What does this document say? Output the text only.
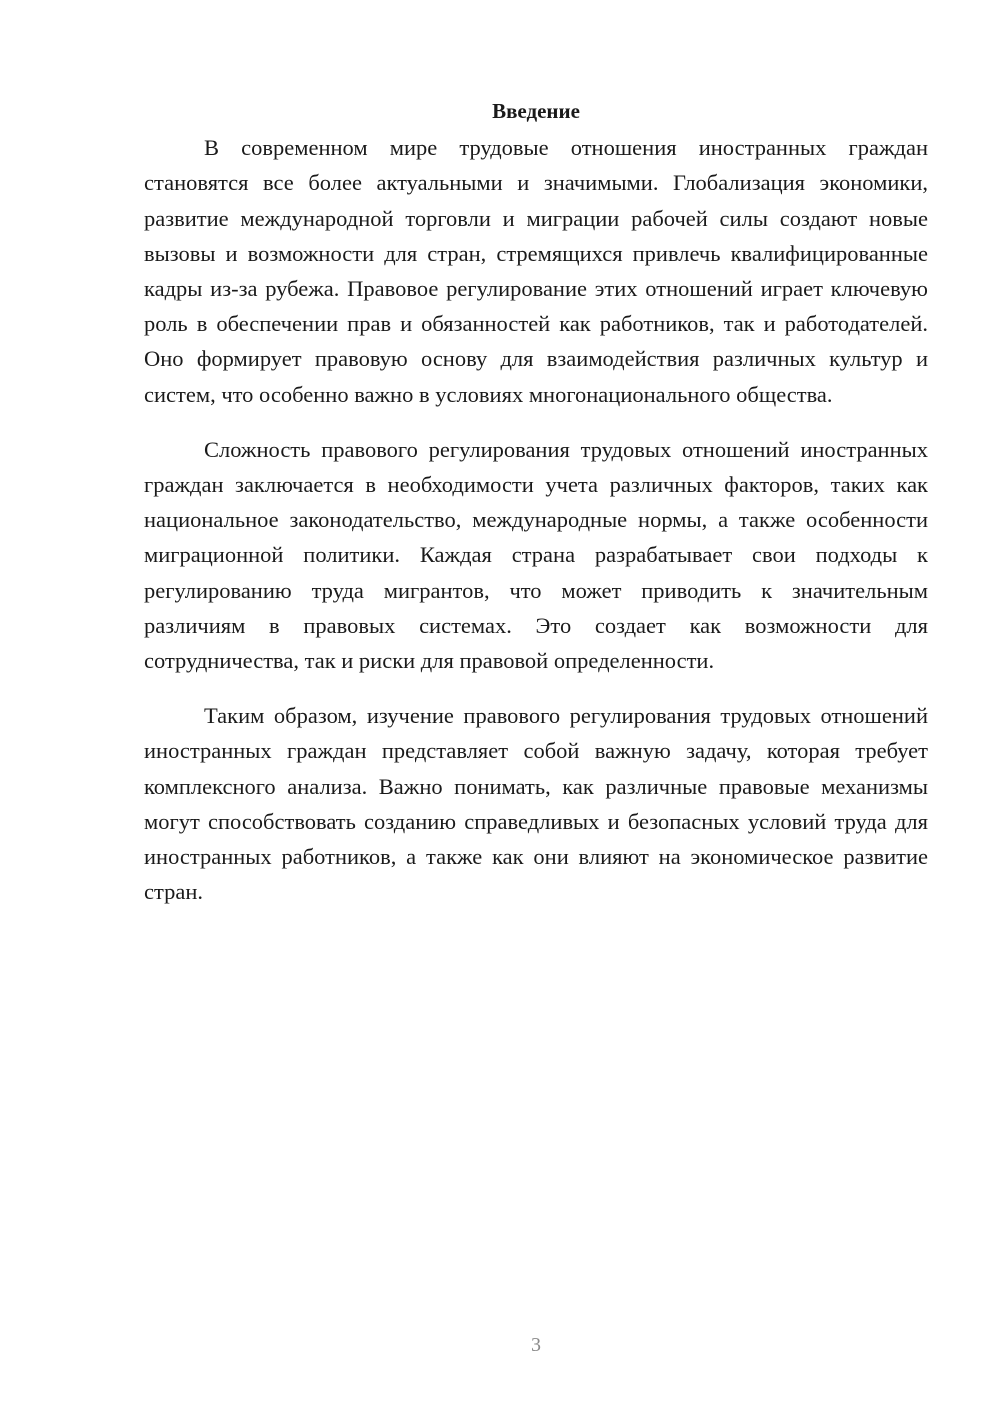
Введение

В современном мире трудовые отношения иностранных граждан становятся все более актуальными и значимыми. Глобализация экономики, развитие международной торговли и миграции рабочей силы создают новые вызовы и возможности для стран, стремящихся привлечь квалифицированные кадры из-за рубежа. Правовое регулирование этих отношений играет ключевую роль в обеспечении прав и обязанностей как работников, так и работодателей. Оно формирует правовую основу для взаимодействия различных культур и систем, что особенно важно в условиях многонационального общества.

Сложность правового регулирования трудовых отношений иностранных граждан заключается в необходимости учета различных факторов, таких как национальное законодательство, международные нормы, а также особенности миграционной политики. Каждая страна разрабатывает свои подходы к регулированию труда мигрантов, что может приводить к значительным различиям в правовых системах. Это создает как возможности для сотрудничества, так и риски для правовой определенности.

Таким образом, изучение правового регулирования трудовых отношений иностранных граждан представляет собой важную задачу, которая требует комплексного анализа. Важно понимать, как различные правовые механизмы могут способствовать созданию справедливых и безопасных условий труда для иностранных работников, а также как они влияют на экономическое развитие стран.

3
